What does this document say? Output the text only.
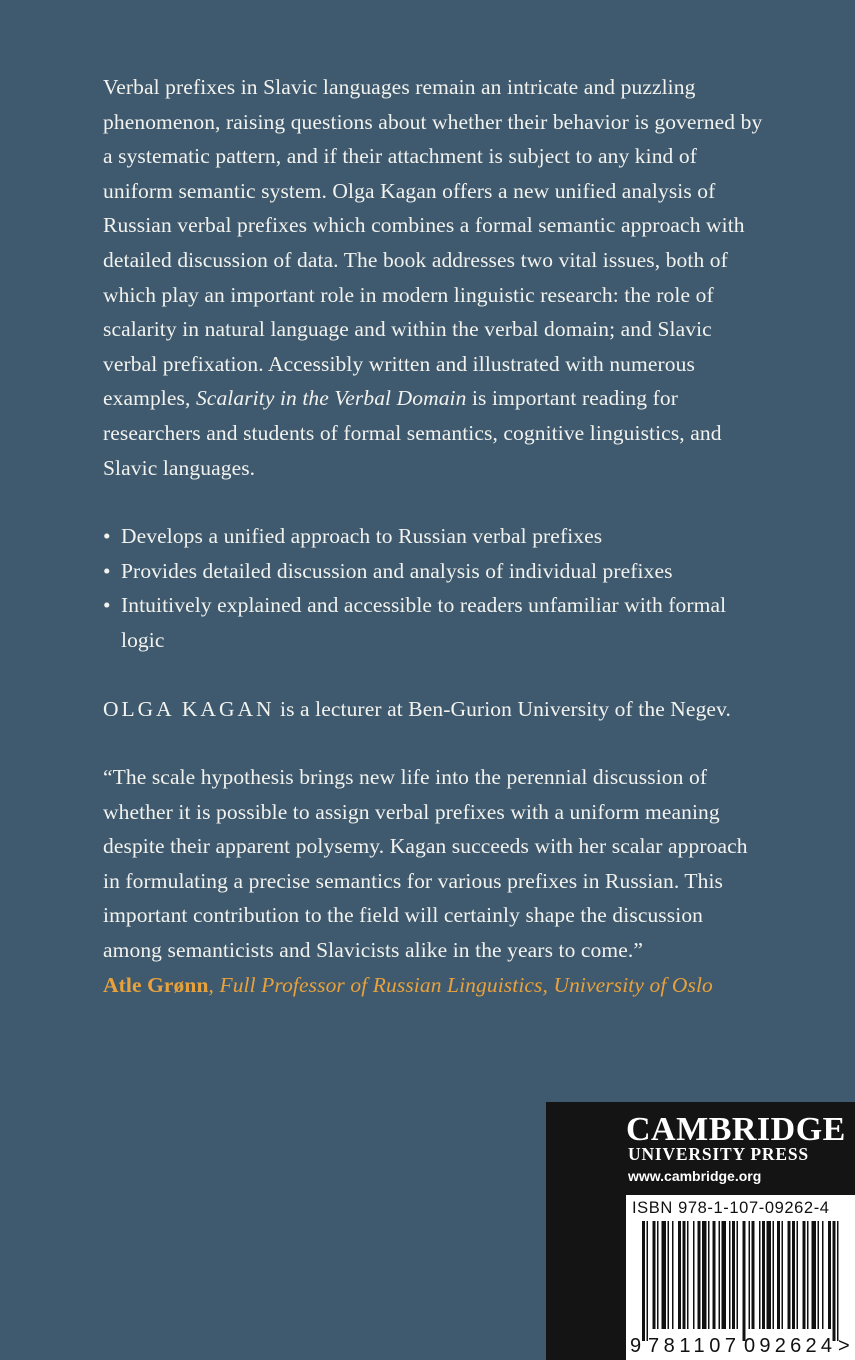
Verbal prefixes in Slavic languages remain an intricate and puzzling phenomenon, raising questions about whether their behavior is governed by a systematic pattern, and if their attachment is subject to any kind of uniform semantic system. Olga Kagan offers a new unified analysis of Russian verbal prefixes which combines a formal semantic approach with detailed discussion of data. The book addresses two vital issues, both of which play an important role in modern linguistic research: the role of scalarity in natural language and within the verbal domain; and Slavic verbal prefixation. Accessibly written and illustrated with numerous examples, Scalarity in the Verbal Domain is important reading for researchers and students of formal semantics, cognitive linguistics, and Slavic languages.

• Develops a unified approach to Russian verbal prefixes
• Provides detailed discussion and analysis of individual prefixes
• Intuitively explained and accessible to readers unfamiliar with formal logic

OLGA KAGAN is a lecturer at Ben-Gurion University of the Negev.

“The scale hypothesis brings new life into the perennial discussion of whether it is possible to assign verbal prefixes with a uniform meaning despite their apparent polysemy. Kagan succeeds with her scalar approach in formulating a precise semantics for various prefixes in Russian. This important contribution to the field will certainly shape the discussion among semanticists and Slavicists alike in the years to come.”

Atle Grønn, Full Professor of Russian Linguistics, University of Oslo

CAMBRIDGE
UNIVERSITY PRESS
www.cambridge.org
ISBN 978-1-107-09262-4
9 781107 092624 >
